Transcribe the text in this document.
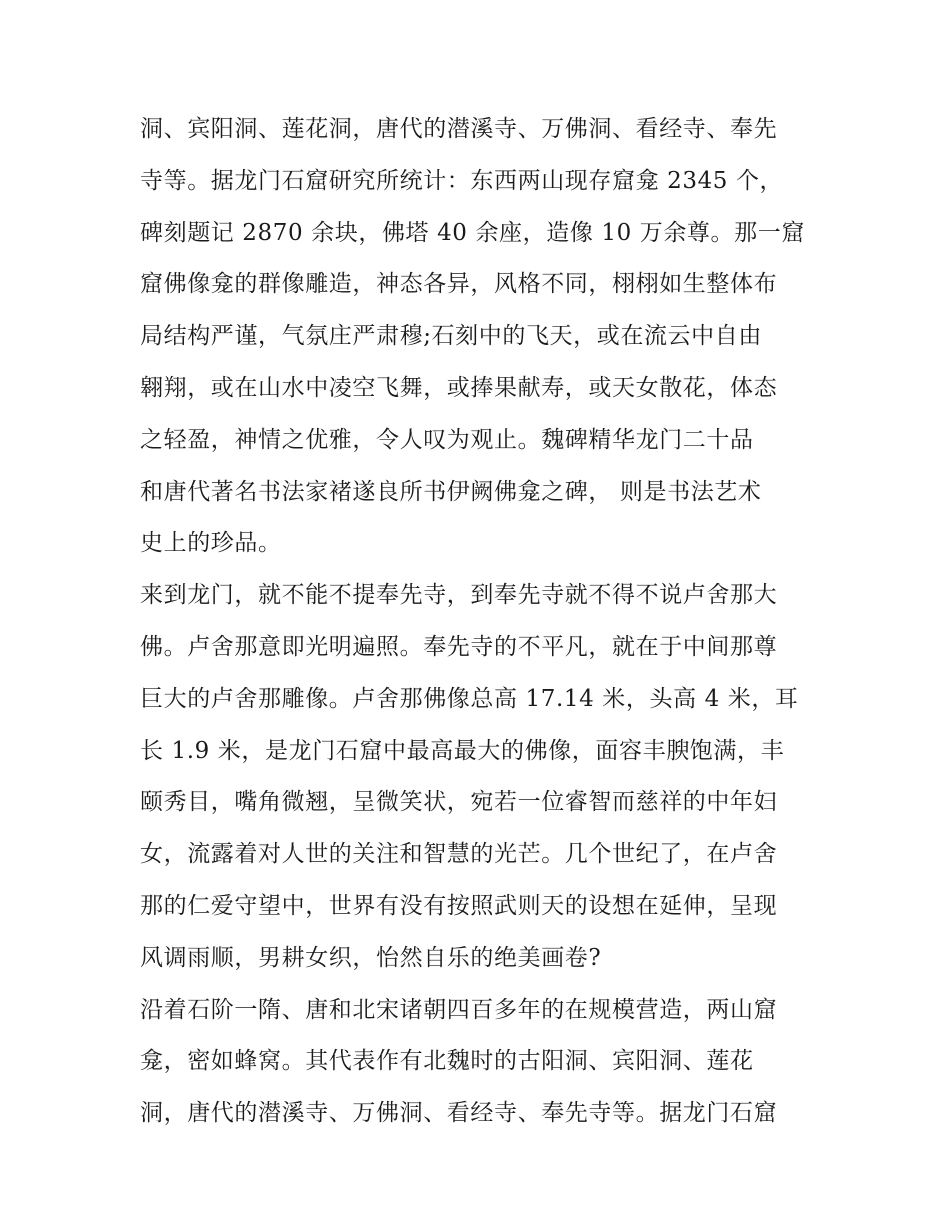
洞、宾阳洞、莲花洞，唐代的潜溪寺、万佛洞、看经寺、奉先
寺等。据龙门石窟研究所统计：东西两山现存窟龛 2345 个，
碑刻题记 2870 余块，佛塔 40 余座，造像 10 万余尊。那一窟
窟佛像龛的群像雕造，神态各异，风格不同，栩栩如生整体布
局结构严谨，气氛庄严肃穆;石刻中的飞天，或在流云中自由
翱翔，或在山水中凌空飞舞，或捧果献寿，或天女散花，体态
之轻盈，神情之优雅，令人叹为观止。魏碑精华龙门二十品
和唐代著名书法家褚遂良所书伊阙佛龛之碑， 则是书法艺术
史上的珍品。
来到龙门，就不能不提奉先寺，到奉先寺就不得不说卢舍那大
佛。卢舍那意即光明遍照。奉先寺的不平凡，就在于中间那尊
巨大的卢舍那雕像。卢舍那佛像总高 17.14 米，头高 4 米，耳
长 1.9 米，是龙门石窟中最高最大的佛像，面容丰腴饱满，丰
颐秀目，嘴角微翘，呈微笑状，宛若一位睿智而慈祥的中年妇
女，流露着对人世的关注和智慧的光芒。几个世纪了，在卢舍
那的仁爱守望中，世界有没有按照武则天的设想在延伸，呈现
风调雨顺，男耕女织，怡然自乐的绝美画卷?
沿着石阶一隋、唐和北宋诸朝四百多年的在规模营造，两山窟
龛，密如蜂窝。其代表作有北魏时的古阳洞、宾阳洞、莲花
洞，唐代的潜溪寺、万佛洞、看经寺、奉先寺等。据龙门石窟
